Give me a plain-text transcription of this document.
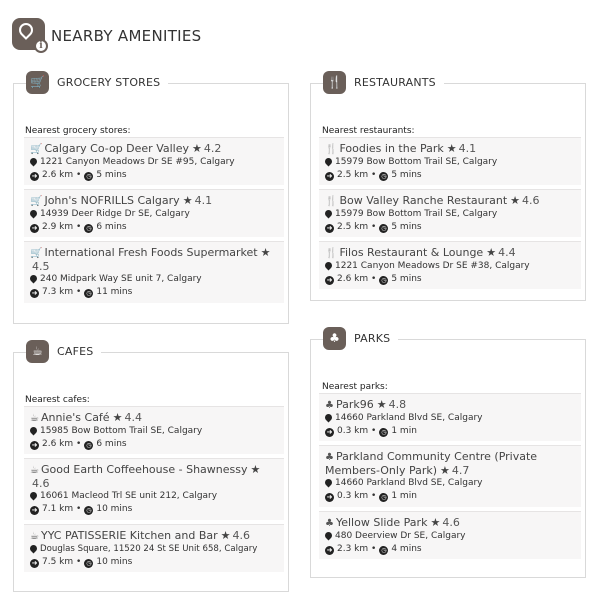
i
NEARBY AMENITIES
🛒	GROCERY STORES
Nearest grocery stores:
🛒 Calgary Co-op Deer Valley ★ 4.2
1221 Canyon Meadows Dr SE #95, Calgary
➜ 2.6 km • ◷ 5 mins
🛒 John's NOFRILLS Calgary ★ 4.1
14939 Deer Ridge Dr SE, Calgary
➜ 2.9 km • ◷ 6 mins
🛒 International Fresh Foods Supermarket ★ 4.5
240 Midpark Way SE unit 7, Calgary
➜ 7.3 km • ◷ 11 mins
🍴	RESTAURANTS
Nearest restaurants:
🍴 Foodies in the Park ★ 4.1
15979 Bow Bottom Trail SE, Calgary
➜ 2.5 km • ◷ 5 mins
🍴 Bow Valley Ranche Restaurant ★ 4.6
15979 Bow Bottom Trail SE, Calgary
➜ 2.5 km • ◷ 5 mins
🍴 Filos Restaurant & Lounge ★ 4.4
1221 Canyon Meadows Dr SE #38, Calgary
➜ 2.6 km • ◷ 5 mins
☕	CAFES
Nearest cafes:
☕ Annie's Café ★ 4.4
15985 Bow Bottom Trail SE, Calgary
➜ 2.6 km • ◷ 6 mins
☕ Good Earth Coffeehouse - Shawnessy ★ 4.6
16061 Macleod Trl SE unit 212, Calgary
➜ 7.1 km • ◷ 10 mins
☕ YYC PATISSERIE Kitchen and Bar ★ 4.6
Douglas Square, 11520 24 St SE Unit 658, Calgary
➜ 7.5 km • ◷ 10 mins
♣	PARKS
Nearest parks:
♣ Park96 ★ 4.8
14660 Parkland Blvd SE, Calgary
➜ 0.3 km • ◷ 1 min
♣ Parkland Community Centre (Private Members-Only Park) ★ 4.7
14660 Parkland Blvd SE, Calgary
➜ 0.3 km • ◷ 1 min
♣ Yellow Slide Park ★ 4.6
480 Deerview Dr SE, Calgary
➜ 2.3 km • ◷ 4 mins
